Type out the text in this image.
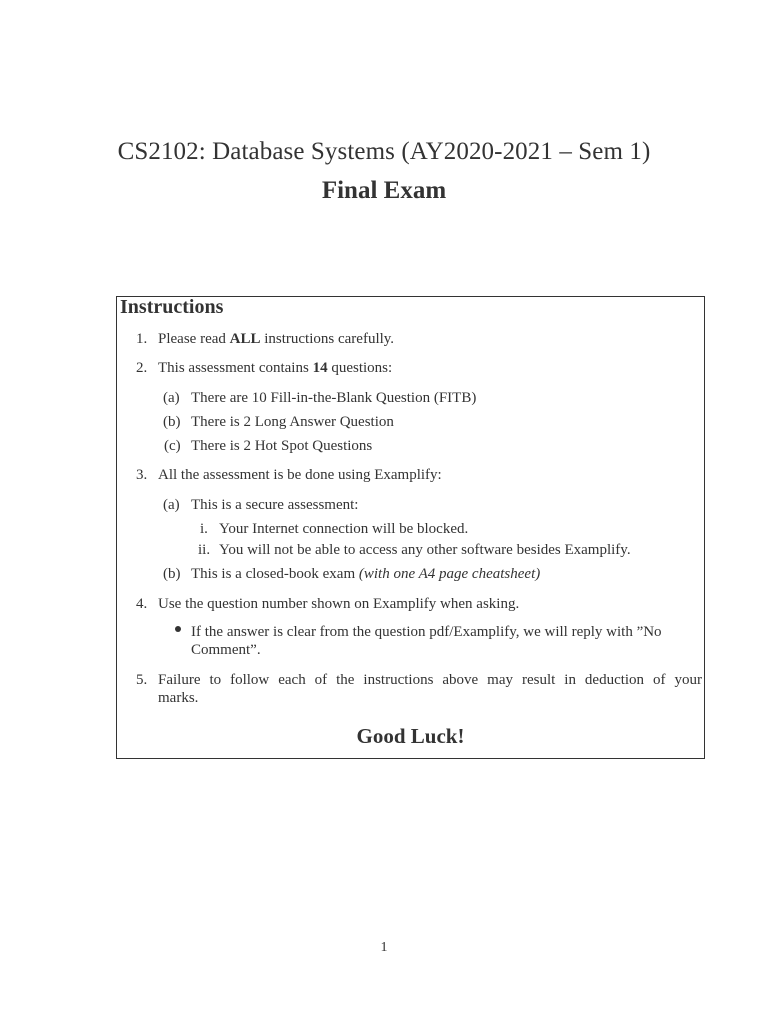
CS2102: Database Systems (AY2020-2021 – Sem 1)
Final Exam
Instructions
1. Please read ALL instructions carefully.
2. This assessment contains 14 questions:
(a) There are 10 Fill-in-the-Blank Question (FITB)
(b) There is 2 Long Answer Question
(c) There is 2 Hot Spot Questions
3. All the assessment is be done using Examplify:
(a) This is a secure assessment:
i. Your Internet connection will be blocked.
ii. You will not be able to access any other software besides Examplify.
(b) This is a closed-book exam (with one A4 page cheatsheet)
4. Use the question number shown on Examplify when asking.
If the answer is clear from the question pdf/Examplify, we will reply with ”No
Comment”.
5. Failure to follow each of the instructions above may result in deduction of your
marks.
Good Luck!
1
